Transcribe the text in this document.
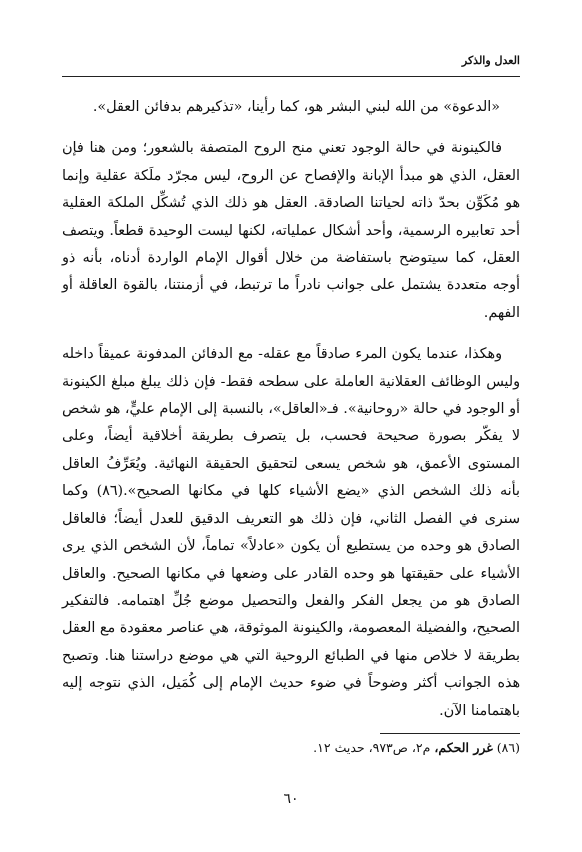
العدل والذكر

«الدعوة» من الله لبني البشر هو، كما رأينا، «تذكيرهم بدفائن العقل».

فالكينونة في حالة الوجود تعني منح الروح المتصفة بالشعور؛ ومن هنا فإن العقل، الذي هو مبدأ الإبانة والإفصاح عن الروح، ليس مجرّد ملَكة عقلية وإنما هو مُكَوِّن بحدّ ذاته لحياتنا الصادقة. العقل هو ذلك الذي تُشكِّل الملكة العقلية أحد تعابيره الرسمية، وأحد أشكال عملياته، لكنها ليست الوحيدة قطعاً. ويتصف العقل، كما سيتوضح باستفاضة من خلال أقوال الإمام الواردة أدناه، بأنه ذو أوجه متعددة يشتمل على جوانب نادراً ما ترتبط، في أزمنتنا، بالقوة العاقلة أو الفهم.

وهكذا، عندما يكون المرء صادقاً مع عقله- مع الدفائن المدفونة عميقاً داخله وليس الوظائف العقلانية العاملة على سطحه فقط- فإن ذلك يبلغ مبلغ الكينونة أو الوجود في حالة «روحانية». فـ«العاقل»، بالنسبة إلى الإمام عليٍّ، هو شخص لا يفكّر بصورة صحيحة فحسب، بل يتصرف بطريقة أخلاقية أيضاً، وعلى المستوى الأعمق، هو شخص يسعى لتحقيق الحقيقة النهائية. ويُعَرِّفُ العاقل بأنه ذلك الشخص الذي «يضع الأشياء كلها في مكانها الصحيح».(٨٦) وكما سنرى في الفصل الثاني، فإن ذلك هو التعريف الدقيق للعدل أيضاً؛ فالعاقل الصادق هو وحده من يستطيع أن يكون «عادلاً» تماماً، لأن الشخص الذي يرى الأشياء على حقيقتها هو وحده القادر على وضعها في مكانها الصحيح. والعاقل الصادق هو من يجعل الفكر والفعل والتحصيل موضع جُلِّ اهتمامه. فالتفكير الصحيح، والفضيلة المعصومة، والكينونة الموثوقة، هي عناصر معقودة مع العقل بطريقة لا خلاص منها في الطبائع الروحية التي هي موضع دراستنا هنا. وتصبح هذه الجوانب أكثر وضوحاً في ضوء حديث الإمام إلى كُمَيل، الذي نتوجه إليه باهتمامنا الآن.

(٨٦) غرر الحكم، م٢، ص٩٧٣، حديث ١٢.
٦٠
